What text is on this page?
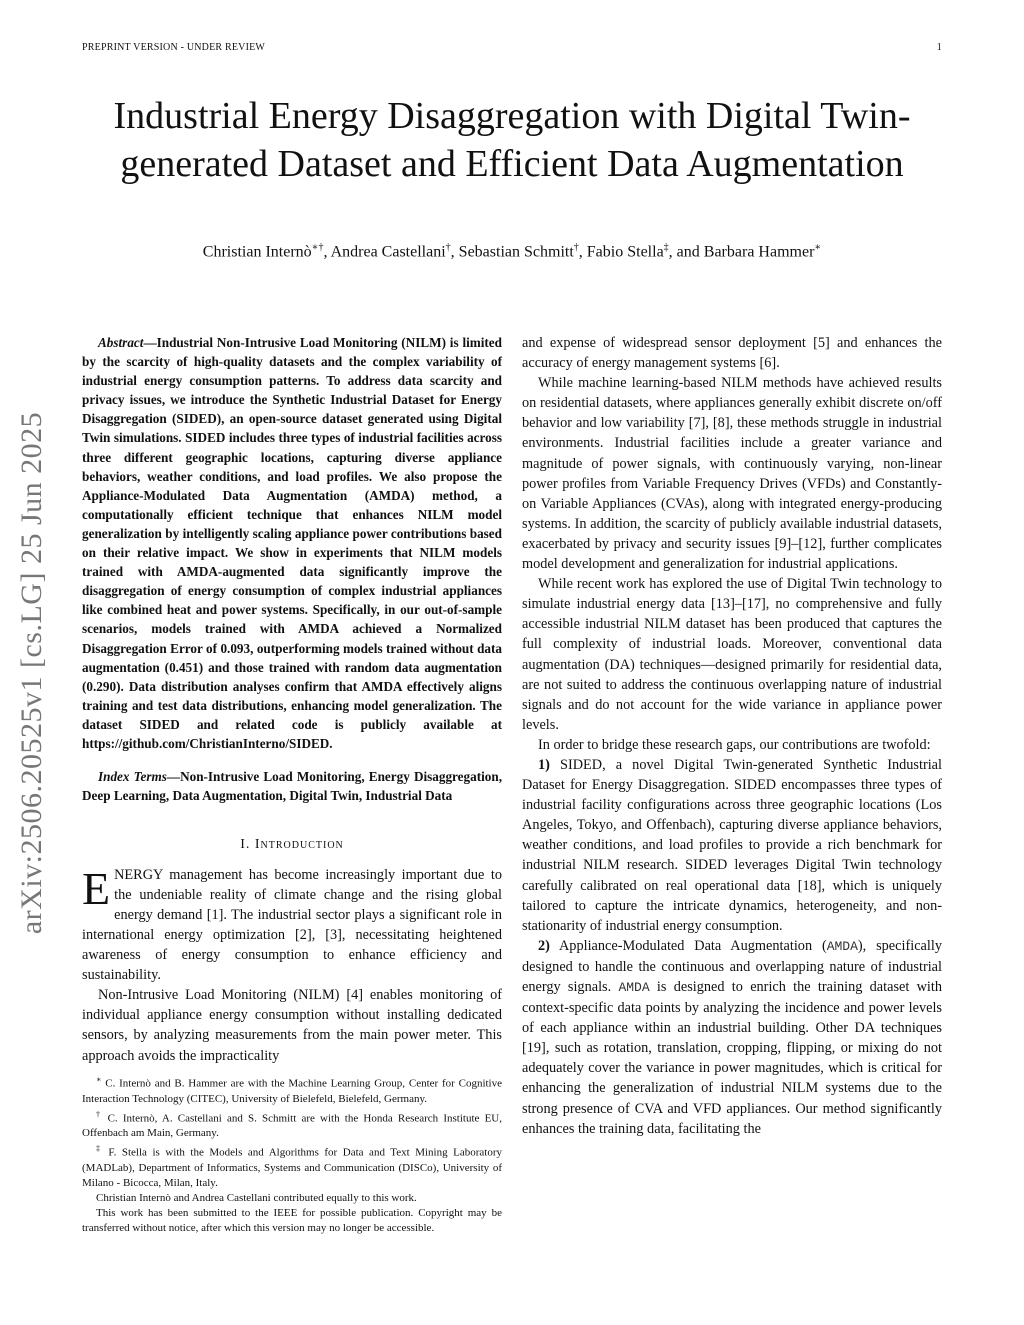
PREPRINT VERSION - UNDER REVIEW	1
Industrial Energy Disaggregation with Digital Twin-generated Dataset and Efficient Data Augmentation
Christian Internò∗†, Andrea Castellani†, Sebastian Schmitt†, Fabio Stella‡, and Barbara Hammer∗
arXiv:2506.20525v1 [cs.LG] 25 Jun 2025

Abstract—Industrial Non-Intrusive Load Monitoring (NILM) is limited by the scarcity of high-quality datasets and the complex variability of industrial energy consumption patterns. To address data scarcity and privacy issues, we introduce the Synthetic Industrial Dataset for Energy Disaggregation (SIDED), an open-source dataset generated using Digital Twin simulations. SIDED includes three types of industrial facilities across three different geographic locations, capturing diverse appliance behaviors, weather conditions, and load profiles. We also propose the Appliance-Modulated Data Augmentation (AMDA) method, a computationally efficient technique that enhances NILM model generalization by intelligently scaling appliance power contributions based on their relative impact. We show in experiments that NILM models trained with AMDA-augmented data significantly improve the disaggregation of energy consumption of complex industrial appliances like combined heat and power systems. Specifically, in our out-of-sample scenarios, models trained with AMDA achieved a Normalized Disaggregation Error of 0.093, outperforming models trained without data augmentation (0.451) and those trained with random data augmentation (0.290). Data distribution analyses confirm that AMDA effectively aligns training and test data distributions, enhancing model generalization. The dataset SIDED and related code is publicly available at https://github.com/ChristianInterno/SIDED.

Index Terms—Non-Intrusive Load Monitoring, Energy Disaggregation, Deep Learning, Data Augmentation, Digital Twin, Industrial Data

I. Introduction

ENERGY management has become increasingly important due to the undeniable reality of climate change and the rising global energy demand [1]. The industrial sector plays a significant role in international energy optimization [2], [3], necessitating heightened awareness of energy consumption to enhance efficiency and sustainability.

Non-Intrusive Load Monitoring (NILM) [4] enables monitoring of individual appliance energy consumption without installing dedicated sensors, by analyzing measurements from the main power meter. This approach avoids the impracticality

and expense of widespread sensor deployment [5] and enhances the accuracy of energy management systems [6].

While machine learning-based NILM methods have achieved results on residential datasets, where appliances generally exhibit discrete on/off behavior and low variability [7], [8], these methods struggle in industrial environments. Industrial facilities include a greater variance and magnitude of power signals, with continuously varying, non-linear power profiles from Variable Frequency Drives (VFDs) and Constantly-on Variable Appliances (CVAs), along with integrated energy-producing systems. In addition, the scarcity of publicly available industrial datasets, exacerbated by privacy and security issues [9]–[12], further complicates model development and generalization for industrial applications.

While recent work has explored the use of Digital Twin technology to simulate industrial energy data [13]–[17], no comprehensive and fully accessible industrial NILM dataset has been produced that captures the full complexity of industrial loads. Moreover, conventional data augmentation (DA) techniques—designed primarily for residential data, are not suited to address the continuous overlapping nature of industrial signals and do not account for the wide variance in appliance power levels.

In order to bridge these research gaps, our contributions are twofold:

1) SIDED, a novel Digital Twin-generated Synthetic Industrial Dataset for Energy Disaggregation. SIDED encompasses three types of industrial facility configurations across three geographic locations (Los Angeles, Tokyo, and Offenbach), capturing diverse appliance behaviors, weather conditions, and load profiles to provide a rich benchmark for industrial NILM research. SIDED leverages Digital Twin technology carefully calibrated on real operational data [18], which is uniquely tailored to capture the intricate dynamics, heterogeneity, and non-stationarity of industrial energy consumption.

2) Appliance-Modulated Data Augmentation (AMDA), specifically designed to handle the continuous and overlapping nature of industrial energy signals. AMDA is designed to enrich the training dataset with context-specific data points by analyzing the incidence and power levels of each appliance within an industrial building. Other DA techniques [19], such as rotation, translation, cropping, flipping, or mixing do not adequately cover the variance in power magnitudes, which is critical for enhancing the generalization of industrial NILM systems due to the strong presence of CVA and VFD appliances. Our method significantly enhances the training data, facilitating the

∗ C. Internò and B. Hammer are with the Machine Learning Group, Center for Cognitive Interaction Technology (CITEC), University of Bielefeld, Bielefeld, Germany.

† C. Internò, A. Castellani and S. Schmitt are with the Honda Research Institute EU, Offenbach am Main, Germany.

‡ F. Stella is with the Models and Algorithms for Data and Text Mining Laboratory (MADLab), Department of Informatics, Systems and Communication (DISCo), University of Milano - Bicocca, Milan, Italy.

Christian Internò and Andrea Castellani contributed equally to this work.

This work has been submitted to the IEEE for possible publication. Copyright may be transferred without notice, after which this version may no longer be accessible.
